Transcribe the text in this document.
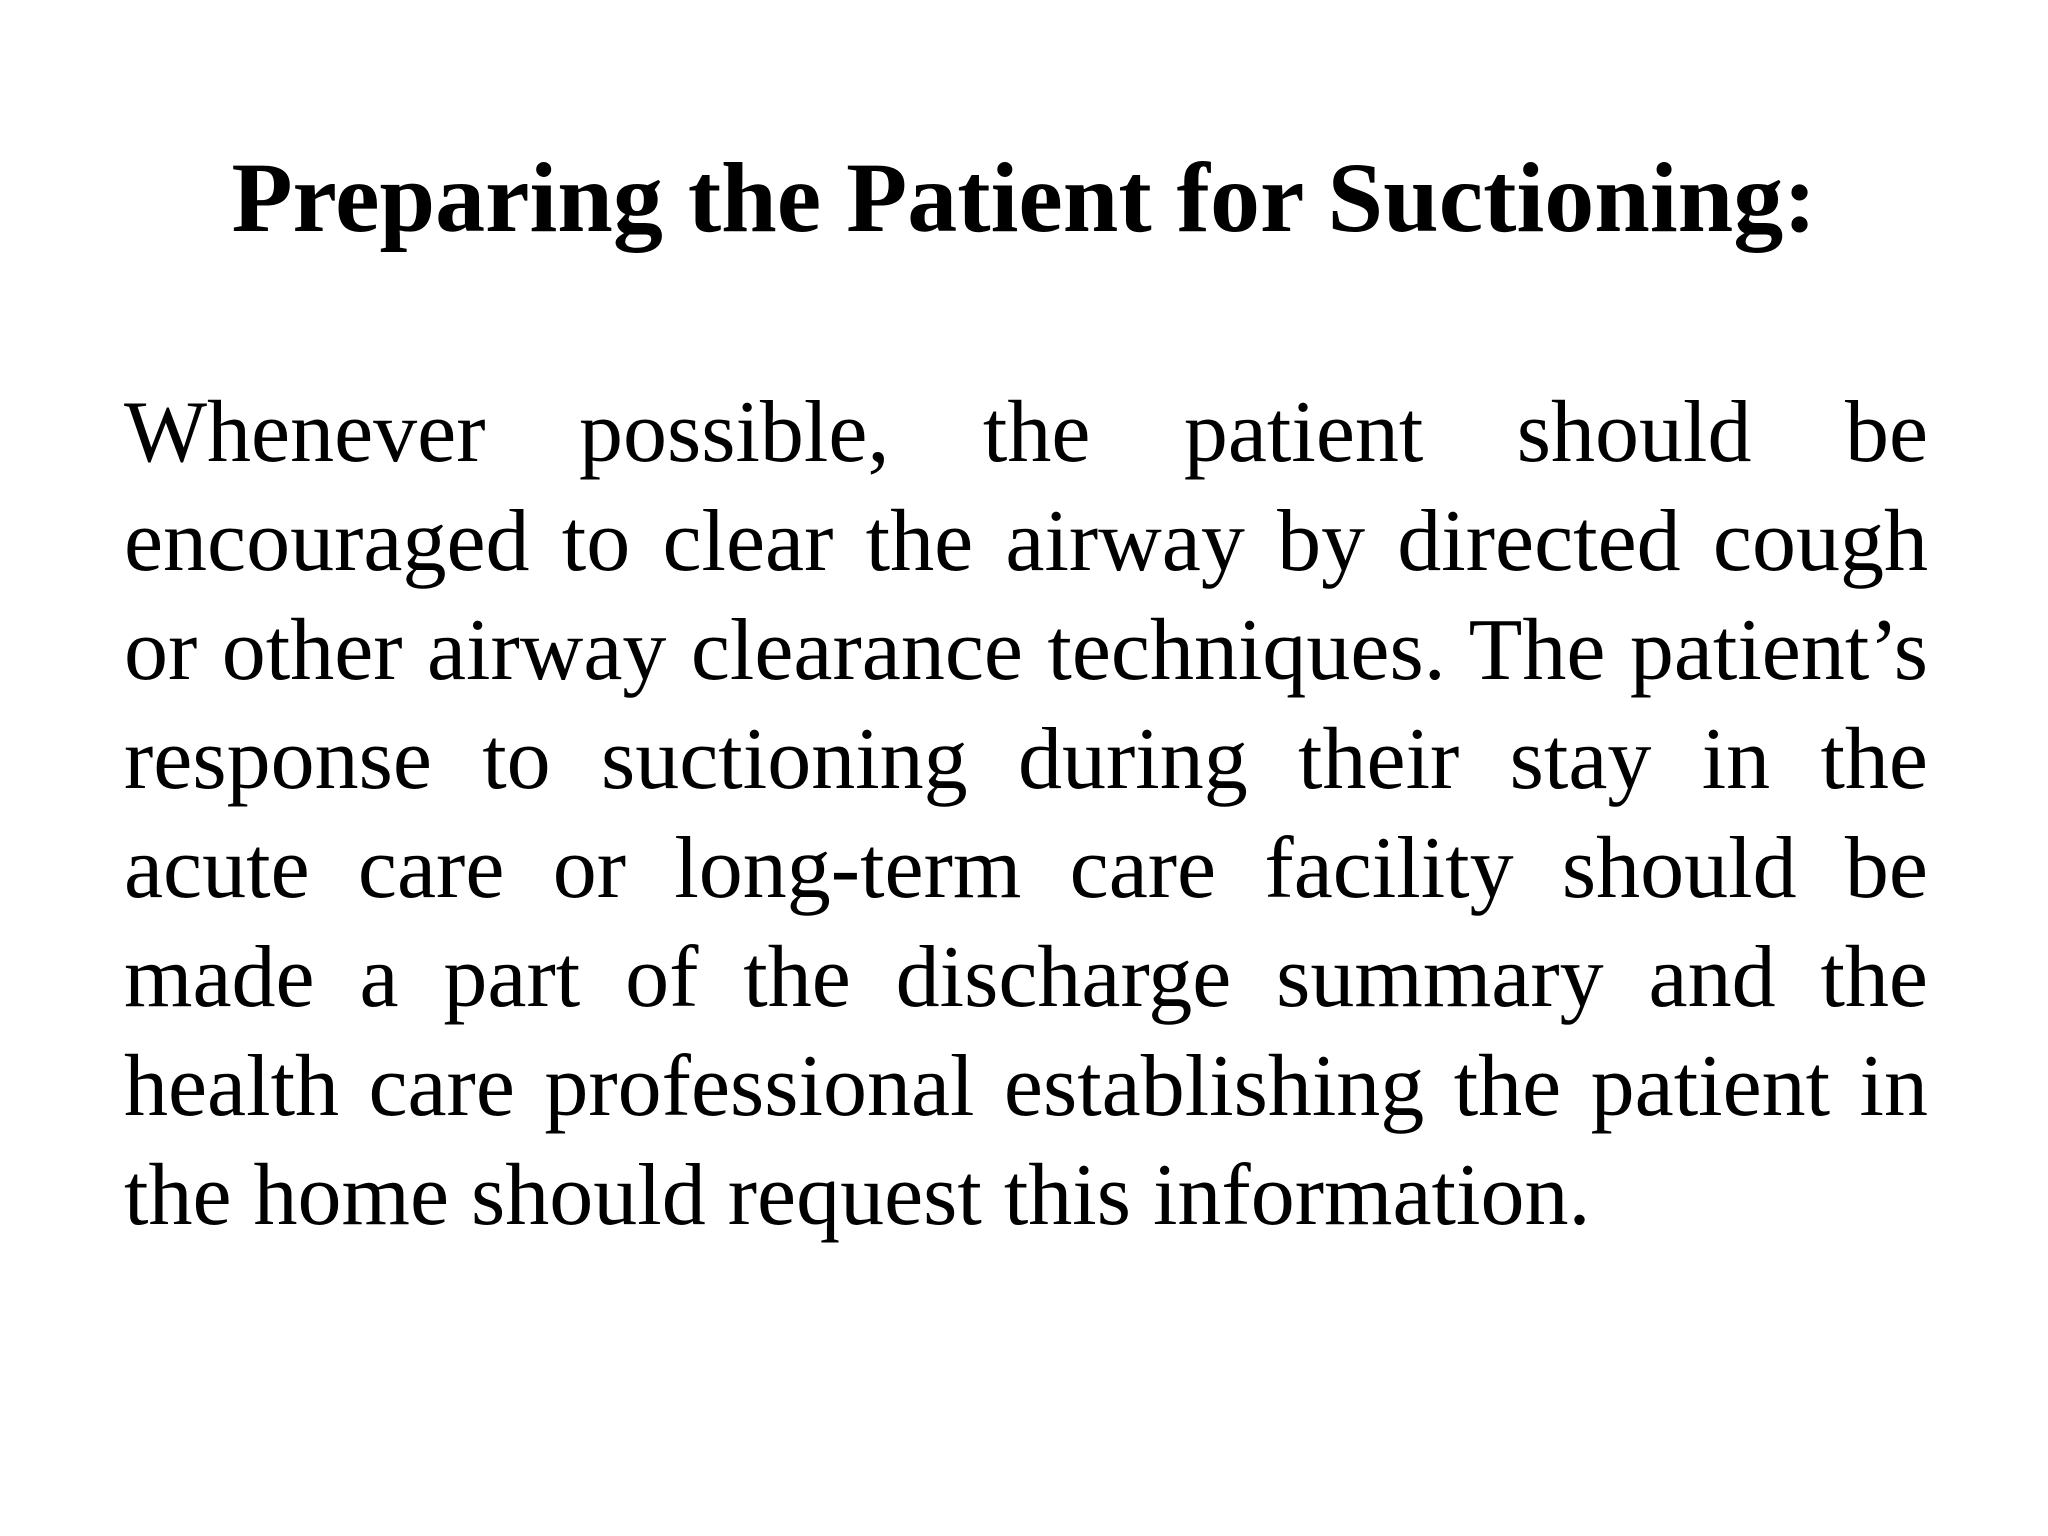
Preparing the Patient for Suctioning:

Whenever possible, the patient should be encouraged to clear the airway by directed cough or other airway clearance techniques. The patient’s response to suctioning during their stay in the acute care or long-term care facility should be made a part of the discharge summary and the health care professional establishing the patient in the home should request this information.
